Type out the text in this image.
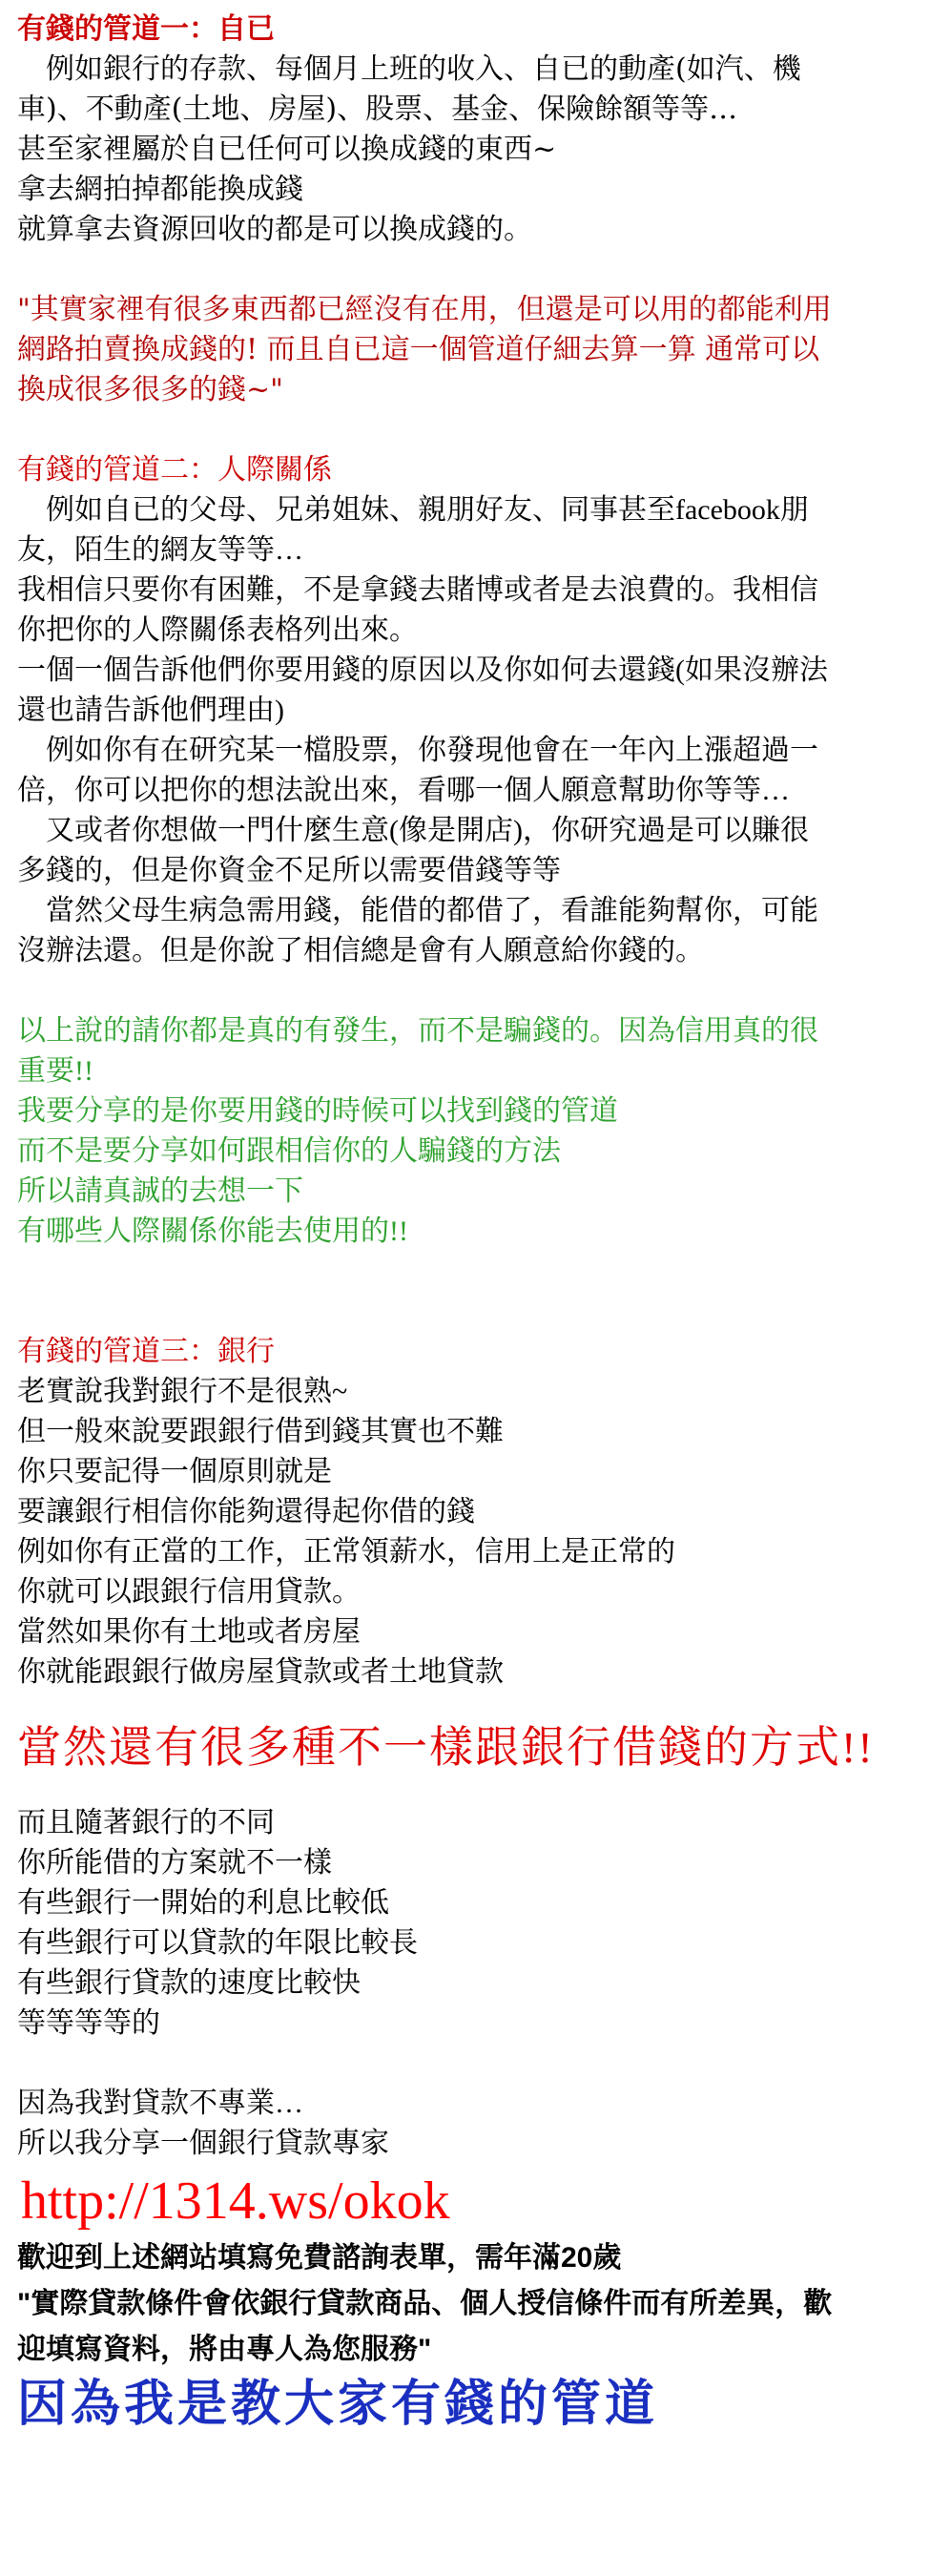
有錢的管道一：自已
　例如銀行的存款、每個月上班的收入、自已的動產(如汽、機
車)、不動產(土地、房屋)、股票、基金、保險餘額等等…
甚至家裡屬於自已任何可以換成錢的東西~
拿去網拍掉都能換成錢
就算拿去資源回收的都是可以換成錢的。
"其實家裡有很多東西都已經沒有在用，但還是可以用的都能利用
網路拍賣換成錢的! 而且自已這一個管道仔細去算一算 通常可以
換成很多很多的錢~"
有錢的管道二：人際關係
　例如自已的父母、兄弟姐妹、親朋好友、同事甚至facebook朋
友，陌生的網友等等…
我相信只要你有困難，不是拿錢去賭博或者是去浪費的。我相信
你把你的人際關係表格列出來。
一個一個告訴他們你要用錢的原因以及你如何去還錢(如果沒辦法
還也請告訴他們理由)
　例如你有在研究某一檔股票，你發現他會在一年內上漲超過一
倍，你可以把你的想法說出來，看哪一個人願意幫助你等等…
　又或者你想做一門什麼生意(像是開店)，你研究過是可以賺很
多錢的，但是你資金不足所以需要借錢等等
　當然父母生病急需用錢，能借的都借了，看誰能夠幫你，可能
沒辦法還。但是你說了相信總是會有人願意給你錢的。
以上說的請你都是真的有發生，而不是騙錢的。因為信用真的很
重要!!
我要分享的是你要用錢的時候可以找到錢的管道
而不是要分享如何跟相信你的人騙錢的方法
所以請真誠的去想一下
有哪些人際關係你能去使用的!!
有錢的管道三：銀行
老實說我對銀行不是很熟~
但一般來說要跟銀行借到錢其實也不難
你只要記得一個原則就是
要讓銀行相信你能夠還得起你借的錢
例如你有正當的工作，正常領薪水，信用上是正常的
你就可以跟銀行信用貸款。
當然如果你有土地或者房屋
你就能跟銀行做房屋貸款或者土地貸款
當然還有很多種不一樣跟銀行借錢的方式!!
而且隨著銀行的不同
你所能借的方案就不一樣
有些銀行一開始的利息比較低
有些銀行可以貸款的年限比較長
有些銀行貸款的速度比較快
等等等等的
因為我對貸款不專業…
所以我分享一個銀行貸款專家
http://1314.ws/okok
歡迎到上述網站填寫免費諮詢表單，需年滿20歲
"實際貸款條件會依銀行貸款商品、個人授信條件而有所差異，歡
迎填寫資料，將由專人為您服務"
因為我是教大家有錢的管道
